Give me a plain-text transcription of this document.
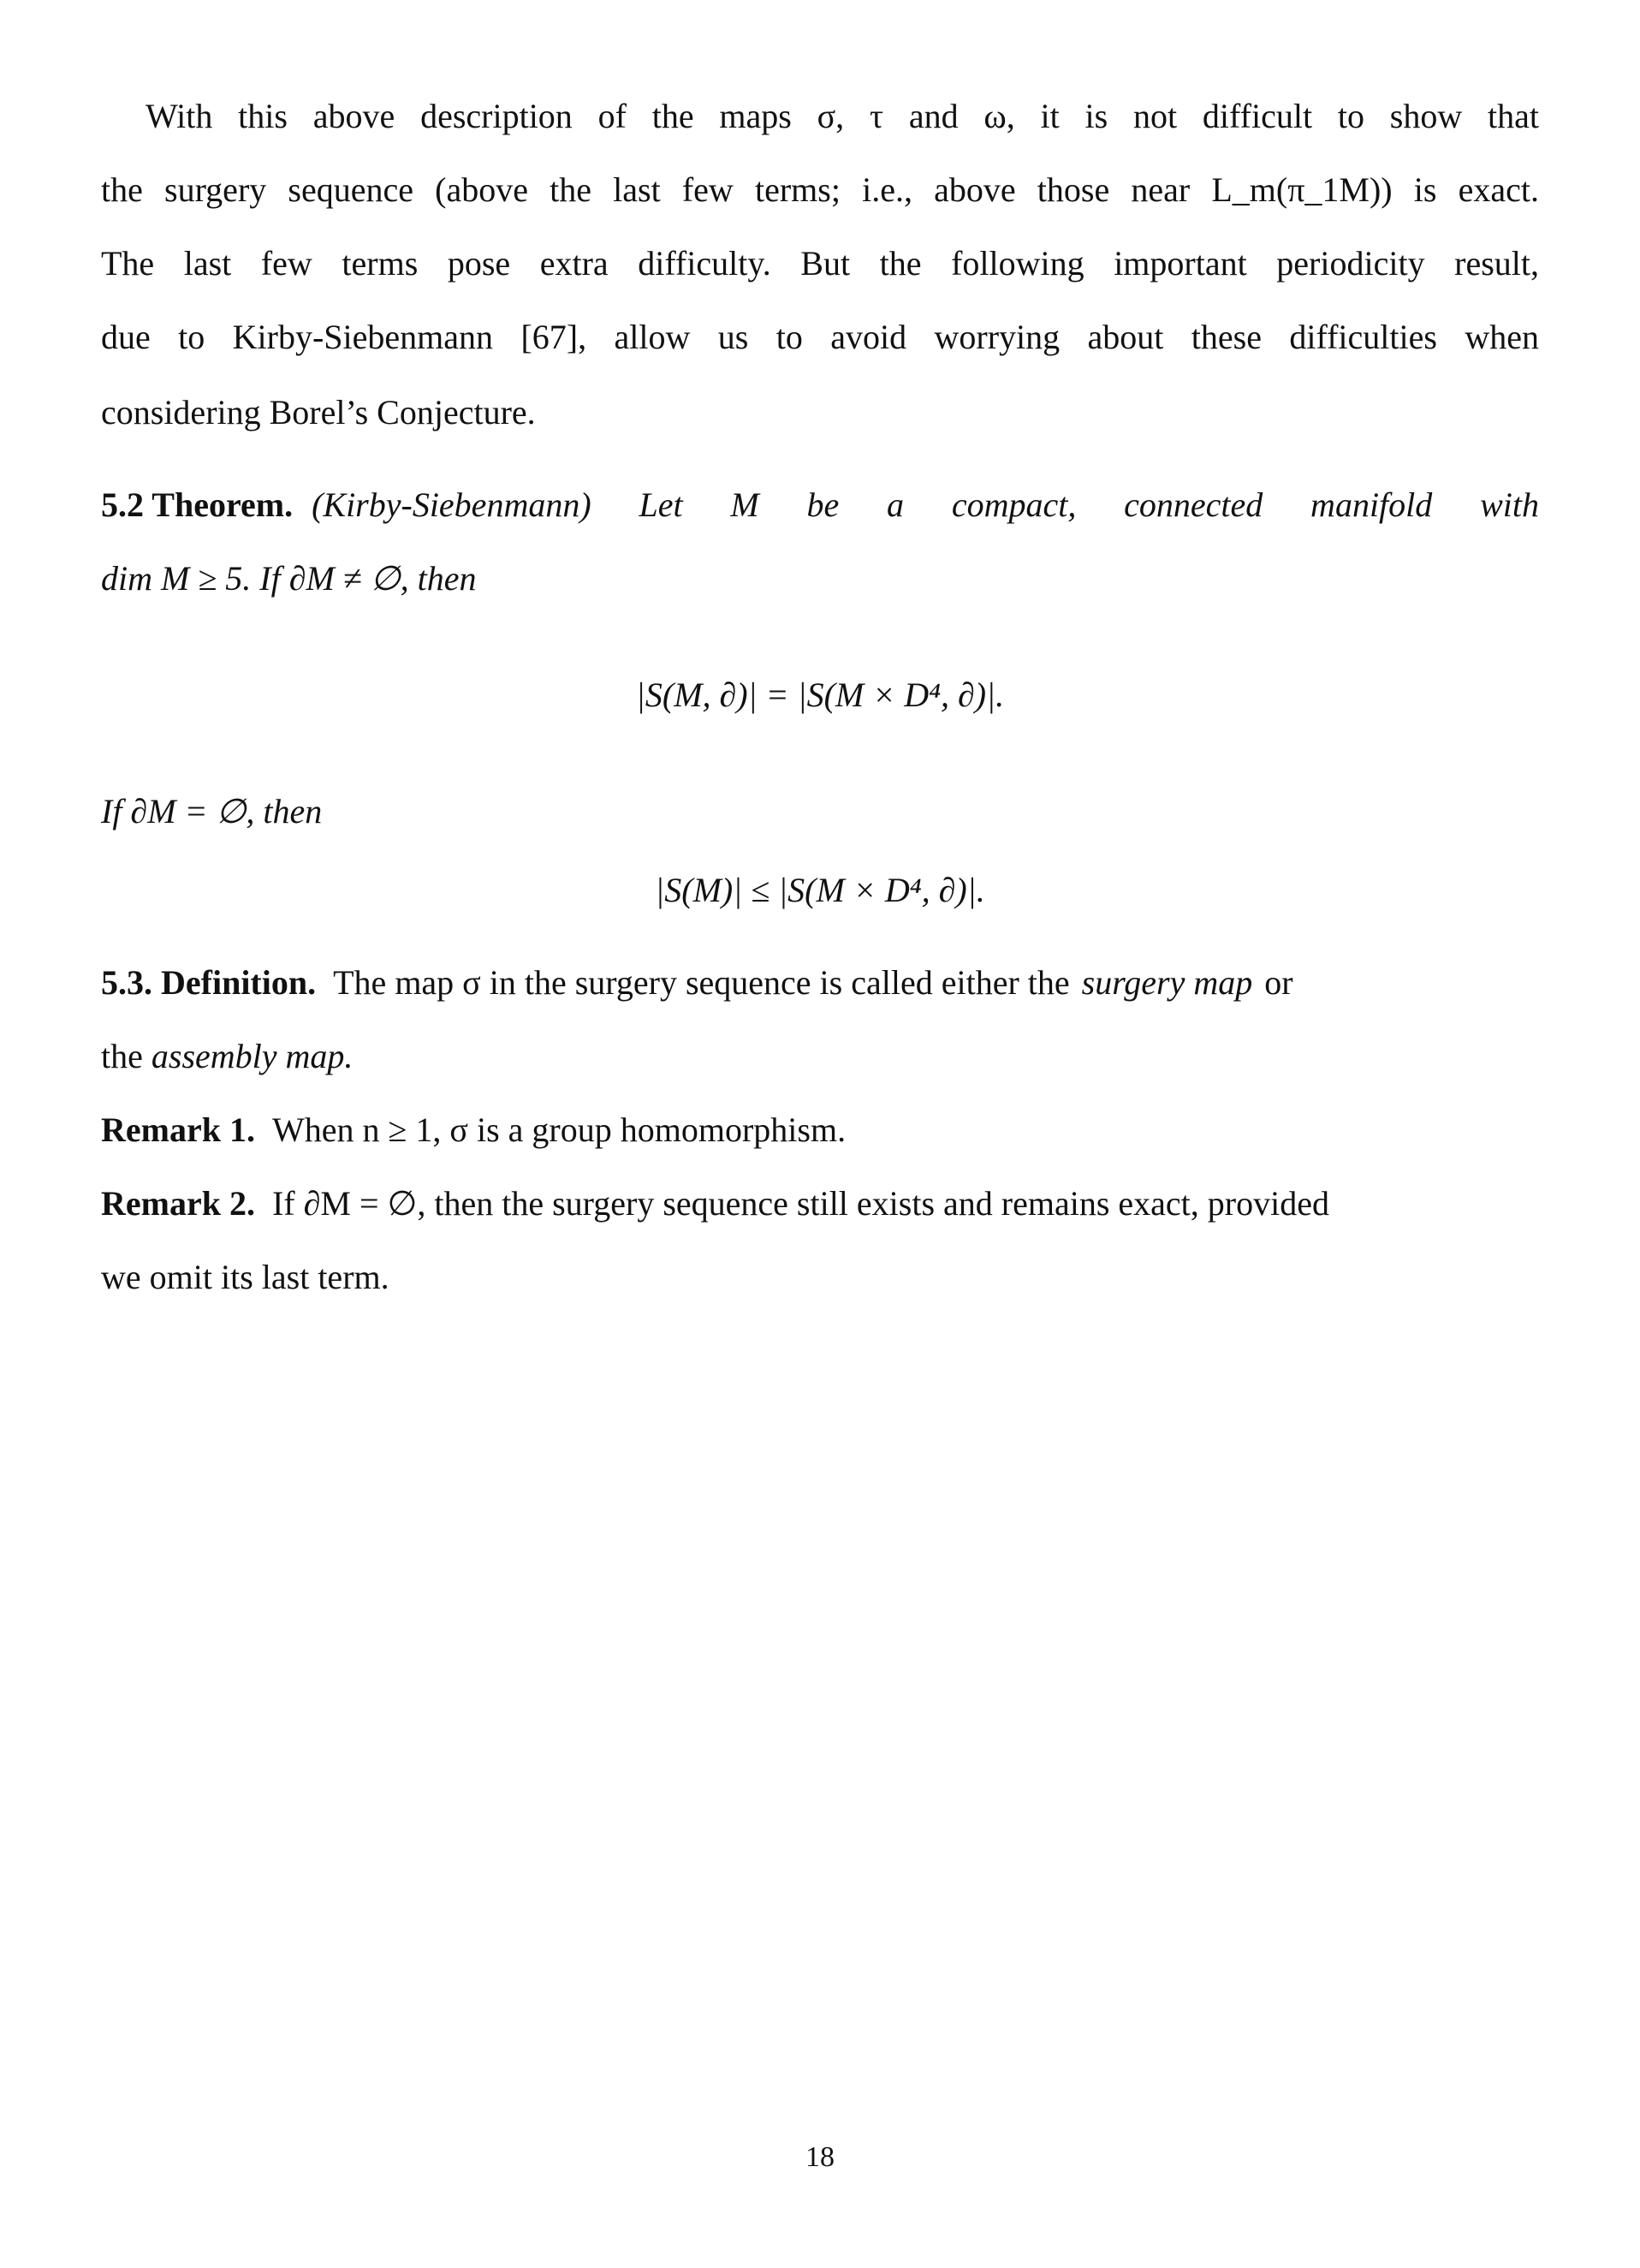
With this above description of the maps σ, τ and ω, it is not difficult to show that
the surgery sequence (above the last few terms; i.e., above those near L_m(π_1M)) is exact.
The last few terms pose extra difficulty. But the following important periodicity result,
due to Kirby-Siebenmann [67], allow us to avoid worrying about these difficulties when
considering Borel’s Conjecture.
5.2 Theorem. (Kirby-Siebenmann) Let M be a compact, connected manifold with
dim M ≥ 5. If ∂M ≠ ∅, then
|S(M, ∂)| = |S(M × D⁴, ∂)|.
If ∂M = ∅, then
|S(M)| ≤ |S(M × D⁴, ∂)|.
5.3. Definition. The map σ in the surgery sequence is called either the surgery map or
the assembly map.
Remark 1. When n ≥ 1, σ is a group homomorphism.
Remark 2. If ∂M = ∅, then the surgery sequence still exists and remains exact, provided
we omit its last term.
18
